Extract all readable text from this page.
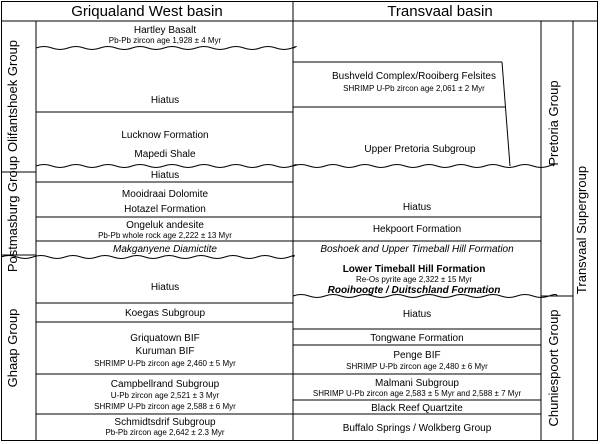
Griqualand West basin	Transvaal basin
Olifantshoek Group
Postmasburg Group
Ghaap Group
Pretoria Group
Chuniespoort Group
Transvaal Supergroup
Hartley Basalt
Pb-Pb zircon age 1,928 ± 4 Myr
Hiatus
Lucknow Formation
Mapedi Shale
Hiatus
Mooidraai Dolomite
Hotazel Formation
Ongeluk andesite
Pb-Pb whole rock age 2,222 ± 13 Myr
Makganyene Diamictite
Hiatus
Koegas Subgroup
Griquatown BIF
Kuruman BIF
SHRIMP U-Pb zircon age 2,460 ± 5 Myr
Campbellrand Subgroup
U-Pb zircon age 2,521 ± 3 Myr
SHRIMP U-Pb zircon age 2,588 ± 6 Myr
Schmidtsdrif Subgroup
Pb-Pb zircon age 2,642 ± 2.3 Myr
Bushveld Complex/Rooiberg Felsites
SHRIMP U-Pb zircon age 2,061 ± 2 Myr
Upper Pretoria Subgroup
Hiatus
Hekpoort Formation
Boshoek and Upper Timeball Hill Formation
Lower Timeball Hill Formation
Re-Os pyrite age 2,322 ± 15 Myr
Rooihoogte / Duitschland Formation
Hiatus
Tongwane Formation
Penge BIF
SHRIMP U-Pb zircon age 2,480 ± 6 Myr
Malmani Subgroup
SHRIMP U-Pb zircon age 2,583 ± 5 Myr and 2,588 ± 7 Myr
Black Reef Quartzite
Buffalo Springs / Wolkberg Group
